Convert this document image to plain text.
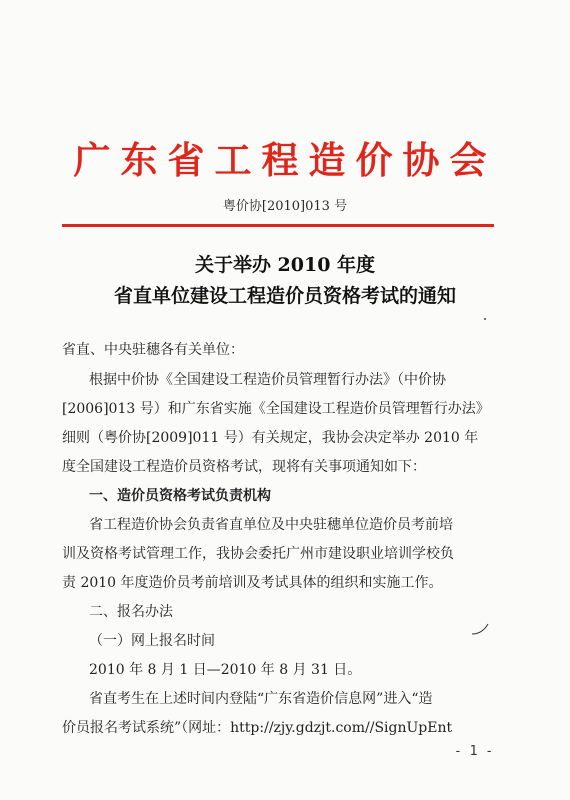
广东省工程造价协会
粤价协[2010]013 号
关于举办 2010 年度
省直单位建设工程造价员资格考试的通知
省直、中央驻穗各有关单位：
根据中价协《全国建设工程造价员管理暂行办法》（中价协
[2006]013 号）和广东省实施《全国建设工程造价员管理暂行办法》
细则（粤价协[2009]011 号）有关规定，我协会决定举办 2010 年
度全国建设工程造价员资格考试，现将有关事项通知如下：
一、造价员资格考试负责机构
省工程造价协会负责省直单位及中央驻穗单位造价员考前培
训及资格考试管理工作，我协会委托广州市建设职业培训学校负
责 2010 年度造价员考前培训及考试具体的组织和实施工作。
二、报名办法
（一）网上报名时间
2010 年 8 月 1 日—2010 年 8 月 31 日。
省直考生在上述时间内登陆“广东省造价信息网”进入“造
价员报名考试系统”（网址：http://zjy.gdzjt.com//SignUpEnt
- 1 -
